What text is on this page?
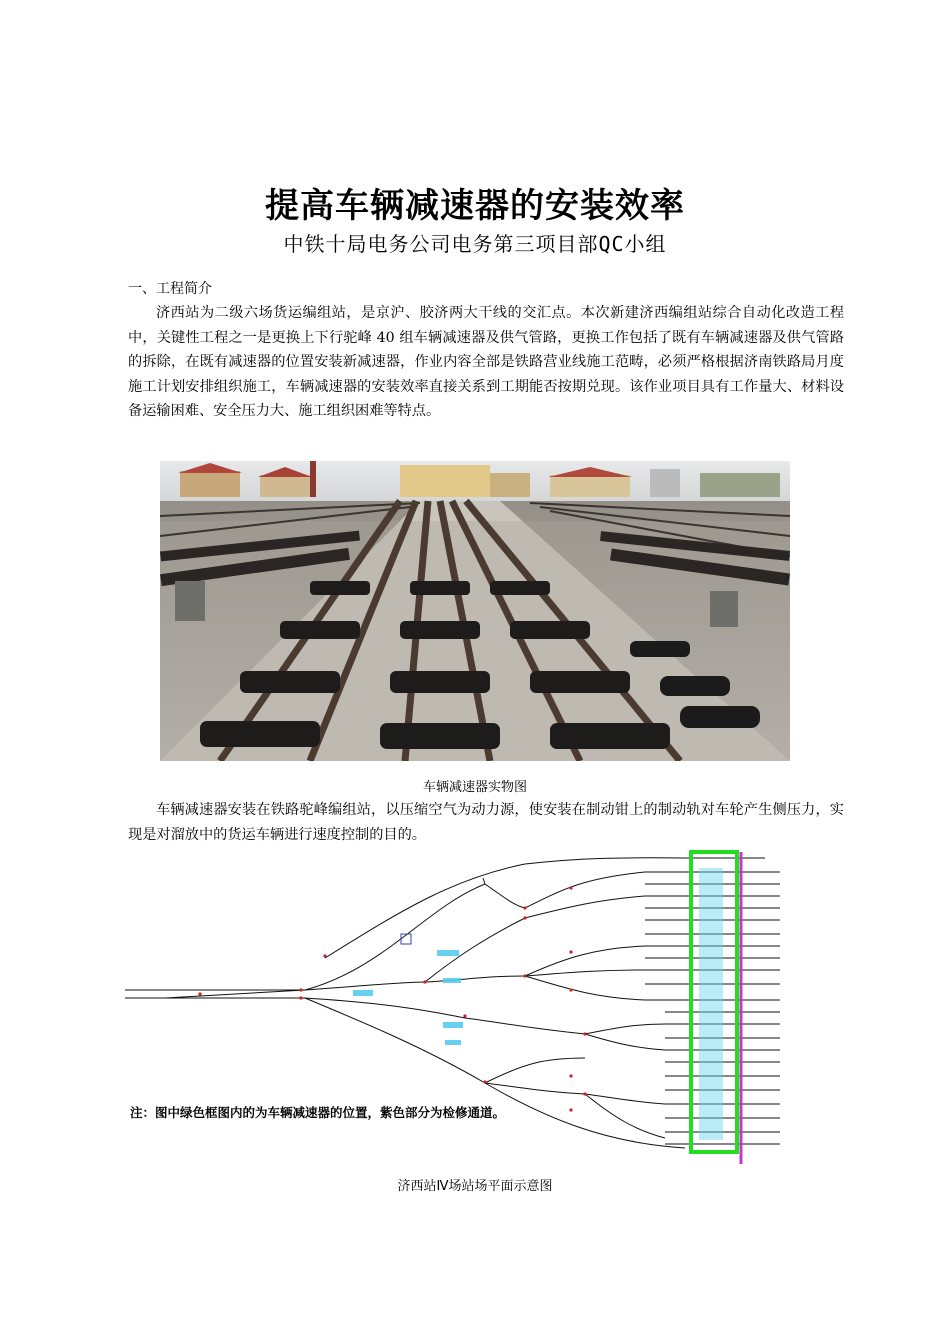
提高车辆减速器的安装效率
中铁十局电务公司电务第三项目部QC小组
一、工程简介
济西站为二级六场货运编组站，是京沪、胶济两大干线的交汇点。本次新建济西编组站综合自动化改造工程中，关键性工程之一是更换上下行驼峰 40 组车辆减速器及供气管路，更换工作包括了既有车辆减速器及供气管路的拆除，在既有减速器的位置安装新减速器，作业内容全部是铁路营业线施工范畴，必须严格根据济南铁路局月度施工计划安排组织施工，车辆减速器的安装效率直接关系到工期能否按期兑现。该作业项目具有工作量大、材料设备运输困难、安全压力大、施工组织困难等特点。
车辆减速器实物图
车辆减速器安装在铁路驼峰编组站，以压缩空气为动力源，使安装在制动钳上的制动轨对车轮产生侧压力，实现是对溜放中的货运车辆进行速度控制的目的。
注：图中绿色框图内的为车辆减速器的位置，紫色部分为检修通道。
济西站Ⅳ场站场平面示意图
